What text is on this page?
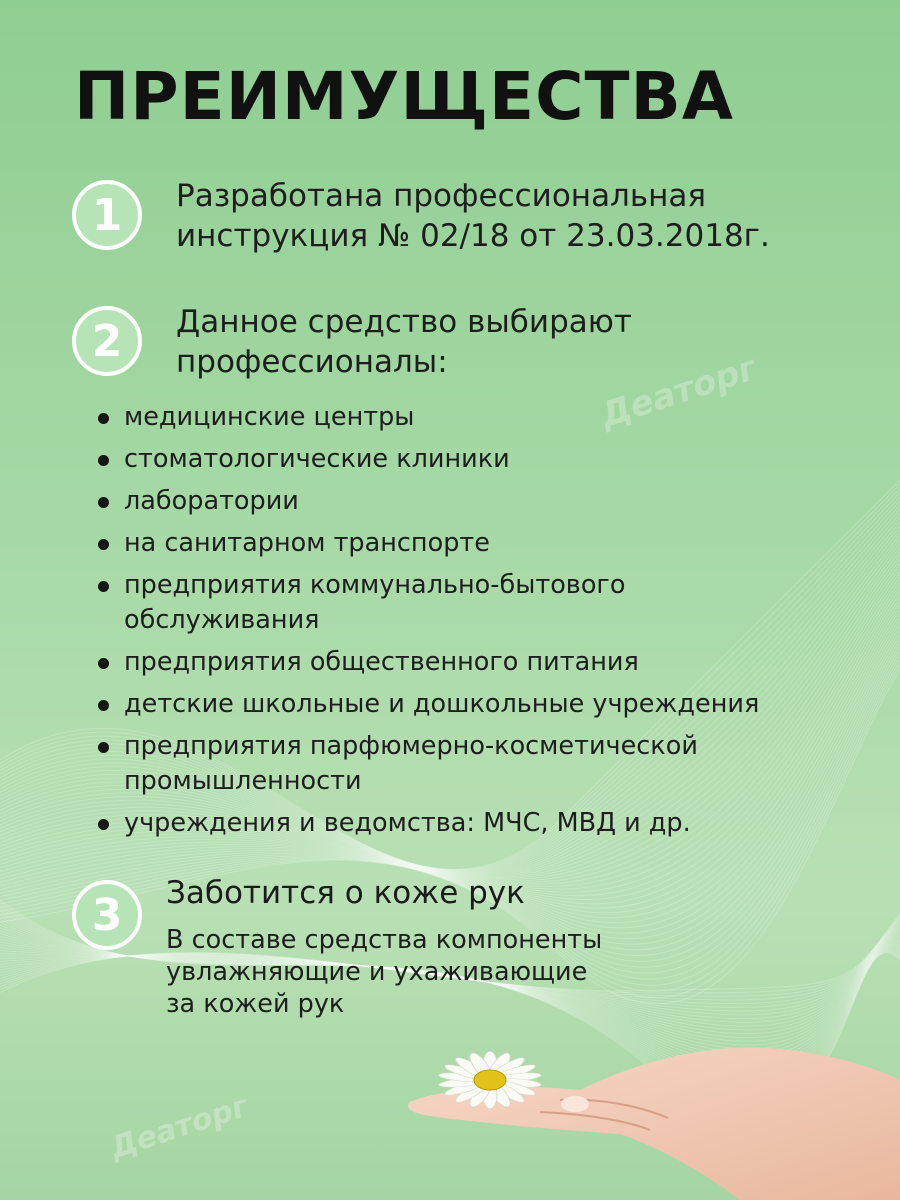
Деатоpг
Деатоpг
ПРЕИМУЩЕСТВА
1	Разработана профессиональная
инструкция № 02/18 от 23.03.2018г.

2	Данное средство выбирают
профессионалы:

медицинские центры
стоматологические клиники
лаборатории
на санитарном транспорте
предприятия коммунально-бытового
обслуживания
предприятия общественного питания
детские школьные и дошкольные учреждения
предприятия парфюмерно-косметической
промышленности
учреждения и ведомства: МЧС, МВД и др.
3	Заботится о коже рук

В составе средства компоненты
увлажняющие и ухаживающие
за кожей рук
